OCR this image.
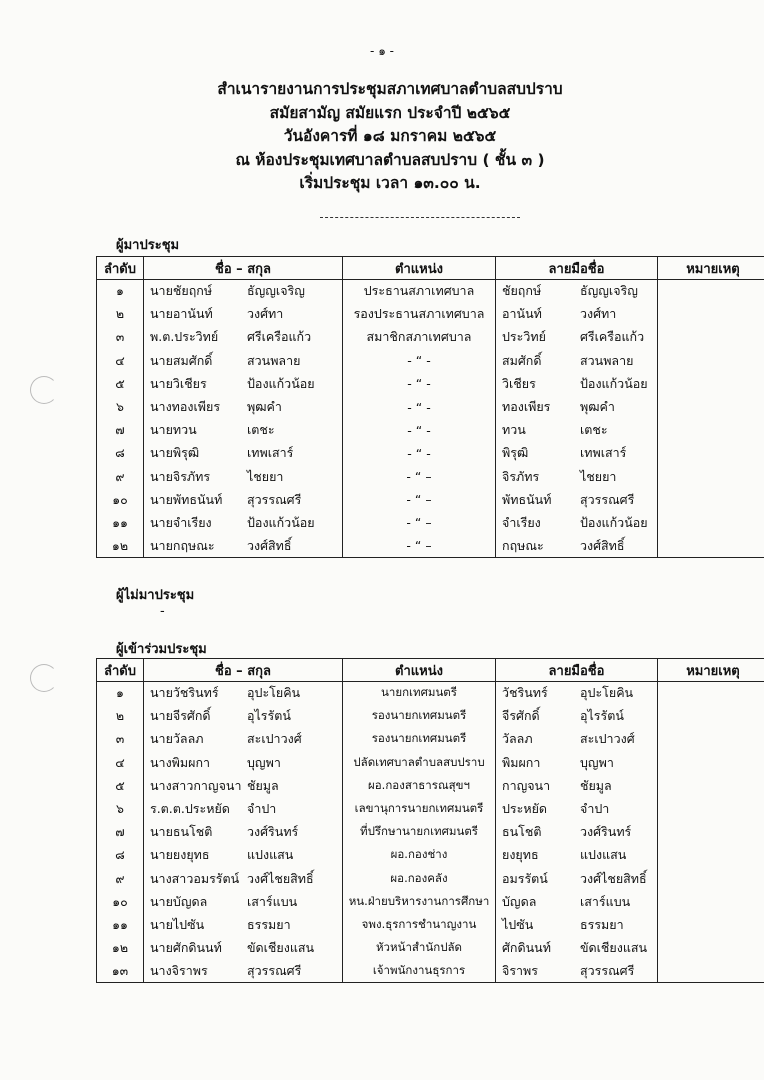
- ๑ -
สำเนารายงานการประชุมสภาเทศบาลตำบลสบปราบ
สมัยสามัญ สมัยแรก ประจำปี ๒๕๖๕
วันอังคารที่ ๑๘ มกราคม ๒๕๖๕
ณ ห้องประชุมเทศบาลตำบลสบปราบ ( ชั้น ๓ )
เริ่มประชุม เวลา ๑๓.๐๐ น.
ผู้มาประชุม
ลำดับ	ชื่อ – สกุล	ตำแหน่ง	ลายมือชื่อ	หมายเหตุ
๑	นายชัยฤกษ์ ธัญญเจริญ	ประธานสภาเทศบาล	ชัยฤกษ์ ธัญญเจริญ	

๒	นายอานันท์ วงศ์ทา	รองประธานสภาเทศบาล	อานันท์ วงศ์ทา	

๓	พ.ต.ประวิทย์ ศรีเครือแก้ว	สมาชิกสภาเทศบาล	ประวิทย์ ศรีเครือแก้ว	

๔	นายสมศักดิ์ สวนพลาย	- “ -	สมศักดิ์ สวนพลาย	

๕	นายวิเชียร ป้องแก้วน้อย	- “ -	วิเชียร ป้องแก้วน้อย	

๖	นางทองเพียร พุฒคำ	- “ -	ทองเพียร พุฒคำ	

๗	นายทวน เตชะ	- “ -	ทวน เตชะ	

๘	นายพิรุฒิ เทพเสาร์	- “ -	พิรุฒิ เทพเสาร์	

๙	นายจิรภัทร ไชยยา	- “ –	จิรภัทร ไชยยา	

๑๐	นายพัทธนันท์ สุวรรณศรี	- “ –	พัทธนันท์ สุวรรณศรี	

๑๑	นายจำเรียง ป้องแก้วน้อย	- “ –	จำเรียง ป้องแก้วน้อย	

๑๒	นายกฤษณะ วงศ์สิทธิ์	- “ –	กฤษณะ วงศ์สิทธิ์	

ผู้ไม่มาประชุม
-
ผู้เข้าร่วมประชุม
ลำดับ	ชื่อ – สกุล	ตำแหน่ง	ลายมือชื่อ	หมายเหตุ
๑	นายวัชรินทร์ อุปะโยคิน	นายกเทศมนตรี	วัชรินทร์ อุปะโยคิน	

๒	นายจีรศักดิ์ อุไรรัตน์	รองนายกเทศมนตรี	จีรศักดิ์ อุไรรัตน์	

๓	นายวัลลภ สะเปาวงศ์	รองนายกเทศมนตรี	วัลลภ สะเปาวงศ์	

๔	นางพิมผกา บุญพา	ปลัดเทศบาลตำบลสบปราบ	พิมผกา บุญพา	

๕	นางสาวกาญจนา ชัยมูล	ผอ.กองสาธารณสุขฯ	กาญจนา ชัยมูล	

๖	ร.ต.ต.ประหยัด จำปา	เลขานุการนายกเทศมนตรี	ประหยัด จำปา	

๗	นายธนโชติ วงศ์รินทร์	ที่ปรึกษานายกเทศมนตรี	ธนโชติ วงศ์รินทร์	

๘	นายยงยุทธ แปงแสน	ผอ.กองช่าง	ยงยุทธ แปงแสน	

๙	นางสาวอมรรัตน์ วงศ์ไชยสิทธิ์	ผอ.กองคลัง	อมรรัตน์ วงศ์ไชยสิทธิ์	

๑๐	นายบัญดล เสาร์แบน	หน.ฝ่ายบริหารงานการศึกษา	บัญดล เสาร์แบน	

๑๑	นายไปซัน ธรรมยา	จพง.ธุรการชำนาญงาน	ไปซัน ธรรมยา	

๑๒	นายศักดินนท์ ขัดเชียงแสน	หัวหน้าสำนักปลัด	ศักดินนท์ ขัดเชียงแสน	

๑๓	นางจิราพร สุวรรณศรี	เจ้าพนักงานธุรการ	จิราพร สุวรรณศรี	
